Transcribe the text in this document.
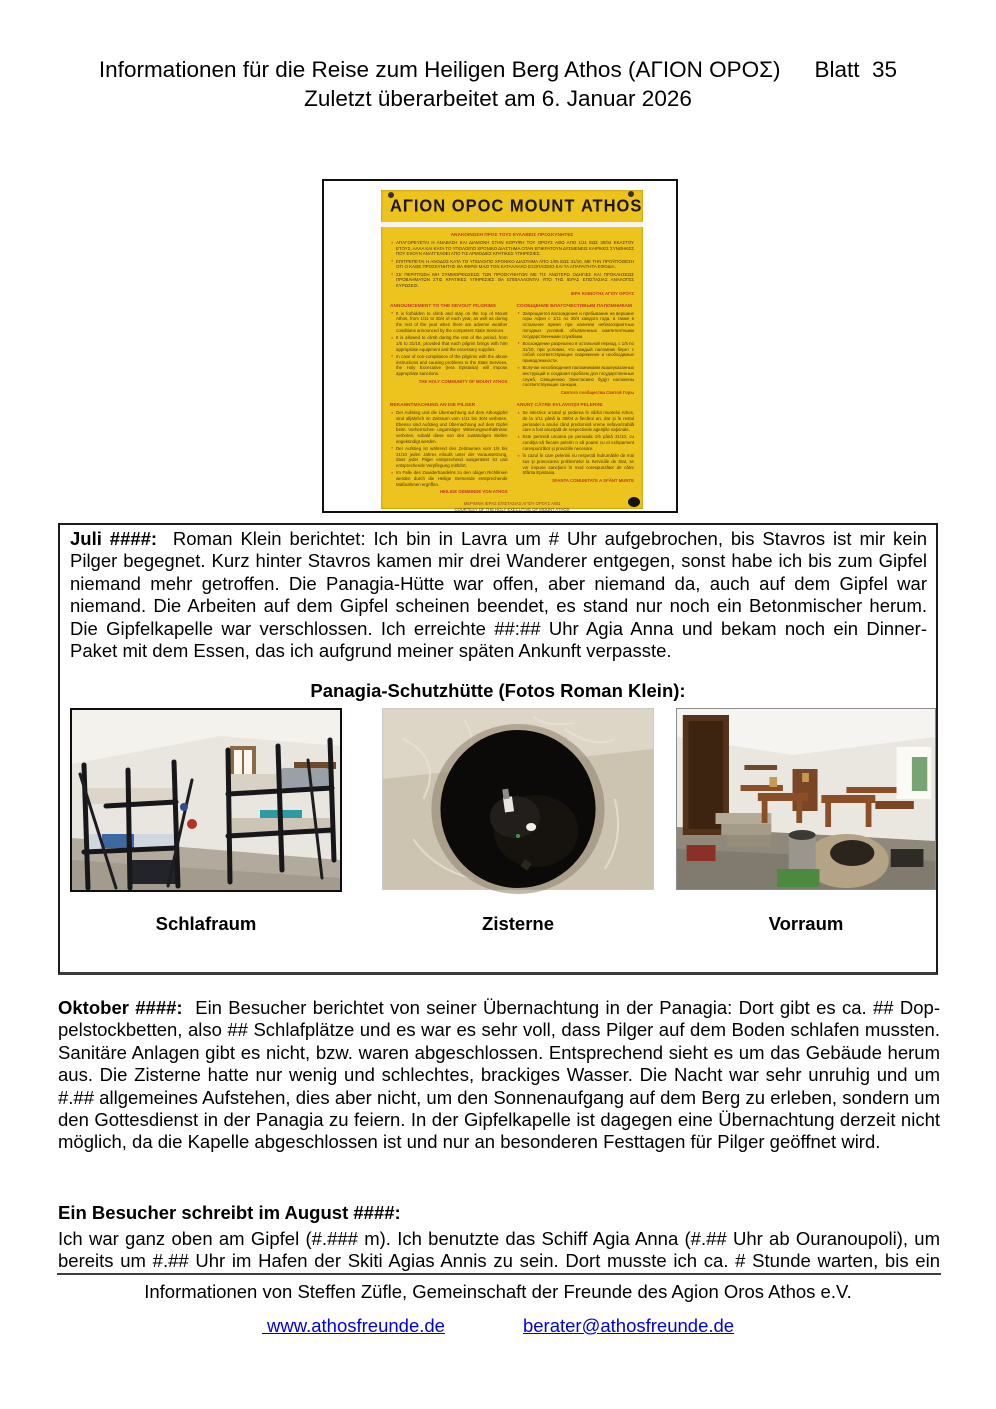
Informationen für die Reise zum Heiligen Berg Athos (ΑΓΙΟΝ ΟΡΟΣ) Blatt  35
Zuletzt überarbeitet am 6. Januar 2026
ΑΓΙΟΝ ΟΡΟC MOUNT ΑΤΗΟS
ΑΝΑΚΟΙΝΩΣΗ ΠΡΟΣ ΤΟΥΣ ΕΥΛΑΒΕΙΣ ΠΡΟΣΚΥΝΗΤΕΣ
● ΑΠΑΓΟΡΕΥΕΤΑΙ Η ΑΝΑΒΑΣΗ ΚΑΙ ΔΙΑΜΟΝΗ ΣΤΗΝ ΚΟΡΥΦΗ ΤΟΥ ΟΡΟΥΣ ΑΘΩ ΑΠΟ 1/11 ΕΩΣ 30/04 ΕΚΑΣΤΟΥ ΕΤΟΥΣ, ΑΛΛΑ ΚΑΙ ΚΑΤΑ ΤΟ ΥΠΟΛΟΙΠΟ ΧΡΟΝΙΚΟ ΔΙΑΣΤΗΜΑ ΟΤΑΝ ΕΠΙΚΡΑΤΟΥΝ ΔΥΣΜΕΝΕΙΣ ΚΑΙΡΙΚΕΣ ΣΥΝΘΗΚΕΣ ΠΟΥ ΕΧΟΥΝ ΑΝΑΓΓΕΛΘΕΙ ΑΠΟ ΤΙΣ ΑΡΜΟΔΙΕΣ ΚΡΑΤΙΚΕΣ ΥΠΗΡΕΣΙΕΣ.
● ΕΠΙΤΡΕΠΕΤΑΙ Η ΑΝΟΔΟΣ ΚΑΤΑ ΤΟ ΥΠΟΛΟΙΠΟ ΧΡΟΝΙΚΟ ΔΙΑΣΤΗΜΑ ΑΠΟ 1/05 ΕΩΣ 31/10, ΜΕ ΤΗΝ ΠΡΟΫΠΟΘΕΣΗ ΟΤΙ Ο ΚΑΘΕ ΠΡΟΣΚΥΝΗΤΗΣ ΘΑ ΦΕΡΕΙ ΜΑΖΙ ΤΟΝ ΚΑΤΑΛΛΗΛΟ ΕΞΟΠΛΙΣΜΟ ΚΑΙ ΤΑ ΑΠΑΡΑΙΤΗΤΑ ΕΦΟΔΙΑ.
● ΣΕ ΠΕΡΙΠΤΩΣΗ ΜΗ ΣΥΜΜΟΡΦΩΣΕΩΣ ΤΩΝ ΠΡΟΣΚΥΝΗΤΩΝ ΜΕ ΤΙΣ ΑΝΩΤΕΡΩ ΟΔΗΓΙΕΣ ΚΑΙ ΠΡΟΚΛΗΣΕΩΣ ΠΡΟΒΛΗΜΑΤΩΝ ΣΤΙΣ ΚΡΑΤΙΚΕΣ ΥΠΗΡΕΣΙΕΣ ΘΑ ΕΠΙΒΑΛΛΟΝΤΑΙ ΥΠΟ ΤΗΣ ΙΕΡΑΣ ΕΠΙΣΤΑΣΙΑΣ ΑΝΑΛΟΓΕΣ ΚΥΡΩΣΕΙΣ.
ΙΕΡΑ ΚΟΙΝΟΤΗΣ ΑΓΙΟΥ ΟΡΟΥΣ
ANNOUNCEMENT TO THE DEVOUT PILGRIMS
● It is forbidden to climb and stay on the top of Mount Athos, from 1/11 to 30/4 of each year, as well as during the rest of the year when there are adverse weather conditions announced by the competent State Services.
● It is allowed to climb during the rest of the period, from 1/5 to 31/10, provided that each pilgrim brings with him appropriate equipment and the necessary supplies.
● In case of non-compliance of the pilgrims with the above instructions and causing problems to the State Services, the Holy Excecutive (Iera Epistasia) will impose appropriate sanctions.
THE HOLY COMMUNITY OF MOUNT ATHOS
СООБЩЕНИЕ БЛАГОЧЕСТИВЫМ ПАЛОМНИКАМ
● Запрещается восхождение и пребывание на вершине горы Афон с 1/11 по 30/4 каждого года, а также в остальное время при наличии неблагоприятных погодных условий, объявленных компетентными государственными службами.
● Восхождение разрешено в остальной период, с 1/5 по 31/10, при условии, что каждый паломник берет с собой соответствующее снаряжение и необходимые принадлежности.
● Вслучае несоблюдения паломниками вышеуказанных инструкций и создания проблем для государственных служб, Священною Эпистасиею будут наложены соответствующие санкции.
Святого сообщества Святой Горы
BEKANNTMACHUNG AN DIE PILGER
● Der Aufstieg und die Übernachtung auf dem Athosgipfel sind alljährlich im Zeitraum vom 1/11 bis 30/4 verboten. Ebenso sind Aufstieg und Übernachtung auf dem Gipfel beim Vorherrschen ungünstiger Witterungsverhältnisse verboten, sobald diese von den zuständigen Stellen angekündigt werden.
● Der Aufstieg ist während des Zeitraumes vom 1/5 bis 31/10 jeden Jahres erlaubt unter der Voraussetzung, dass jeder Pilger entsprechend ausgerüstet ist und entsprechende Verpflegung mitführt.
● Im Falle des Zuwiderhandelns zu den obigen Richtlinien werden durch die Heilige Gemeinde entsprechende Maßnahmen ergriffen.
HEILIGE GEMEINDE VON ATHOS
ANUNŢ CĂTRE EVLAVIOŞII PELERINI
● Se interzice urcatul şi şederea în vârful muntelui Athos, de la 1/11 până la 30/04 a fiecărui an, dar şi în restul perioadei a anului când predomină vreme nefavorizabilă care a fost anunţată de respectivele agenţiile naţionale.
● Este permisă urcarea pe perioada 1/5 până 31/10, cu condiţia să fiecare pelerin o să poarte cu el echipament corespunzător şi proviziile necesare.
● În cazul în care pelerinii nu respectă îndrumările de mai sus şi provocarea problemelor la Serviciile de Stat, se vor impune sancţiuni în mod corespunzător de către Sfânta Epistasia.
SFANTA COMUNITATE A SFÂNT MUNTE
ΜΕΡΙΜΝΗ ΙΕΡΑΣ ΕΠΙΣΤΑΣΙΑΣ ΑΓΙΟΥ ΟΡΟΥΣ ΑΘΩ
COURTESY OF THE HOLY EXECUTIVE OF MOUNT ATHOS

Juli ####:  Roman Klein berichtet: Ich bin in Lavra um # Uhr aufgebrochen, bis Stavros ist mir kein Pilger begegnet. Kurz hinter Stavros kamen mir drei Wanderer entgegen, sonst habe ich bis zum Gipfel niemand mehr getroffen. Die Panagia-Hütte war offen, aber niemand da, auch auf dem Gipfel war niemand. Die Arbeiten auf dem Gipfel scheinen beendet, es stand nur noch ein Betonmischer herum. Die Gipfelkapelle war verschlossen. Ich erreichte ##:## Uhr Agia Anna und bekam noch ein Dinner-Paket mit dem Essen, das ich aufgrund meiner späten Ankunft verpasste.

Panagia-Schutzhütte (Fotos Roman Klein):
Schlafraum	Zisterne	Vorraum

Oktober ####:  Ein Besucher berichtet von seiner Übernachtung in der Panagia: Dort gibt es ca. ## Doppelstockbetten, also ## Schlafplätze und es war es sehr voll, dass Pilger auf dem Boden schlafen mussten. Sanitäre Anlagen gibt es nicht, bzw. waren abgeschlossen. Entsprechend sieht es um das Gebäude herum aus. Die Zisterne hatte nur wenig und schlechtes, brackiges Wasser. Die Nacht war sehr unruhig und um #.## allgemeines Aufstehen, dies aber nicht, um den Sonnenaufgang auf dem Berg zu erleben, sondern um den Gottesdienst in der Panagia zu feiern. In der Gipfelkapelle ist dagegen eine Übernachtung derzeit nicht möglich, da die Kapelle abgeschlossen ist und nur an besonderen Festtagen für Pilger geöffnet wird.

Ein Besucher schreibt im August ####:

Ich war ganz oben am Gipfel (#.### m). Ich benutzte das Schiff Agia Anna (#.## Uhr ab Ouranoupoli), um bereits um #.## Uhr im Hafen der Skiti Agias Annis zu sein. Dort musste ich ca. # Stunde warten, bis ein

Informationen von Steffen Züfle, Gemeinschaft der Freunde des Agion Oros Athos e.V.
www.athosfreunde.de	berater@athosfreunde.de
